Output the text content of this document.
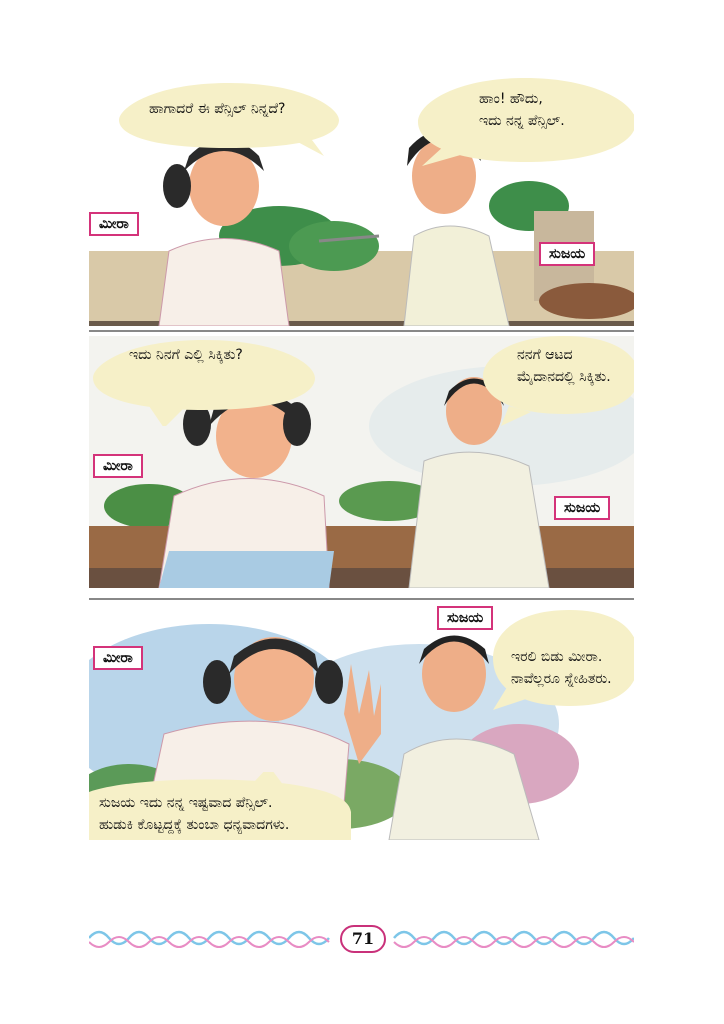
ಹಾಗಾದರೆ ಈ ಪೆನ್ಸಿಲ್ ನಿನ್ನದೆ?
ಹಾಂ! ಹೌದು,
ಇದು ನನ್ನ ಪೆನ್ಸಿಲ್.
ಮೀರಾ
ಸುಜಯ
ಇದು ನಿನಗೆ ಎಲ್ಲಿ ಸಿಕ್ಕಿತು?	ನನಗೆ ಆಟದ
ಮೈದಾನದಲ್ಲಿ ಸಿಕ್ಕಿತು.
ಮೀರಾ
ಸುಜಯ
ಇರಲಿ ಬಿಡು ಮೀರಾ.
ನಾವೆಲ್ಲರೂ ಸ್ನೇಹಿತರು.
ಸುಜಯ ಇದು ನನ್ನ ಇಷ್ಟವಾದ ಪೆನ್ಸಿಲ್.
ಹುಡುಕಿ ಕೊಟ್ಟದ್ದಕ್ಕೆ ತುಂಬಾ ಧನ್ಯವಾದಗಳು.
ಮೀರಾ
ಸುಜಯ
71
